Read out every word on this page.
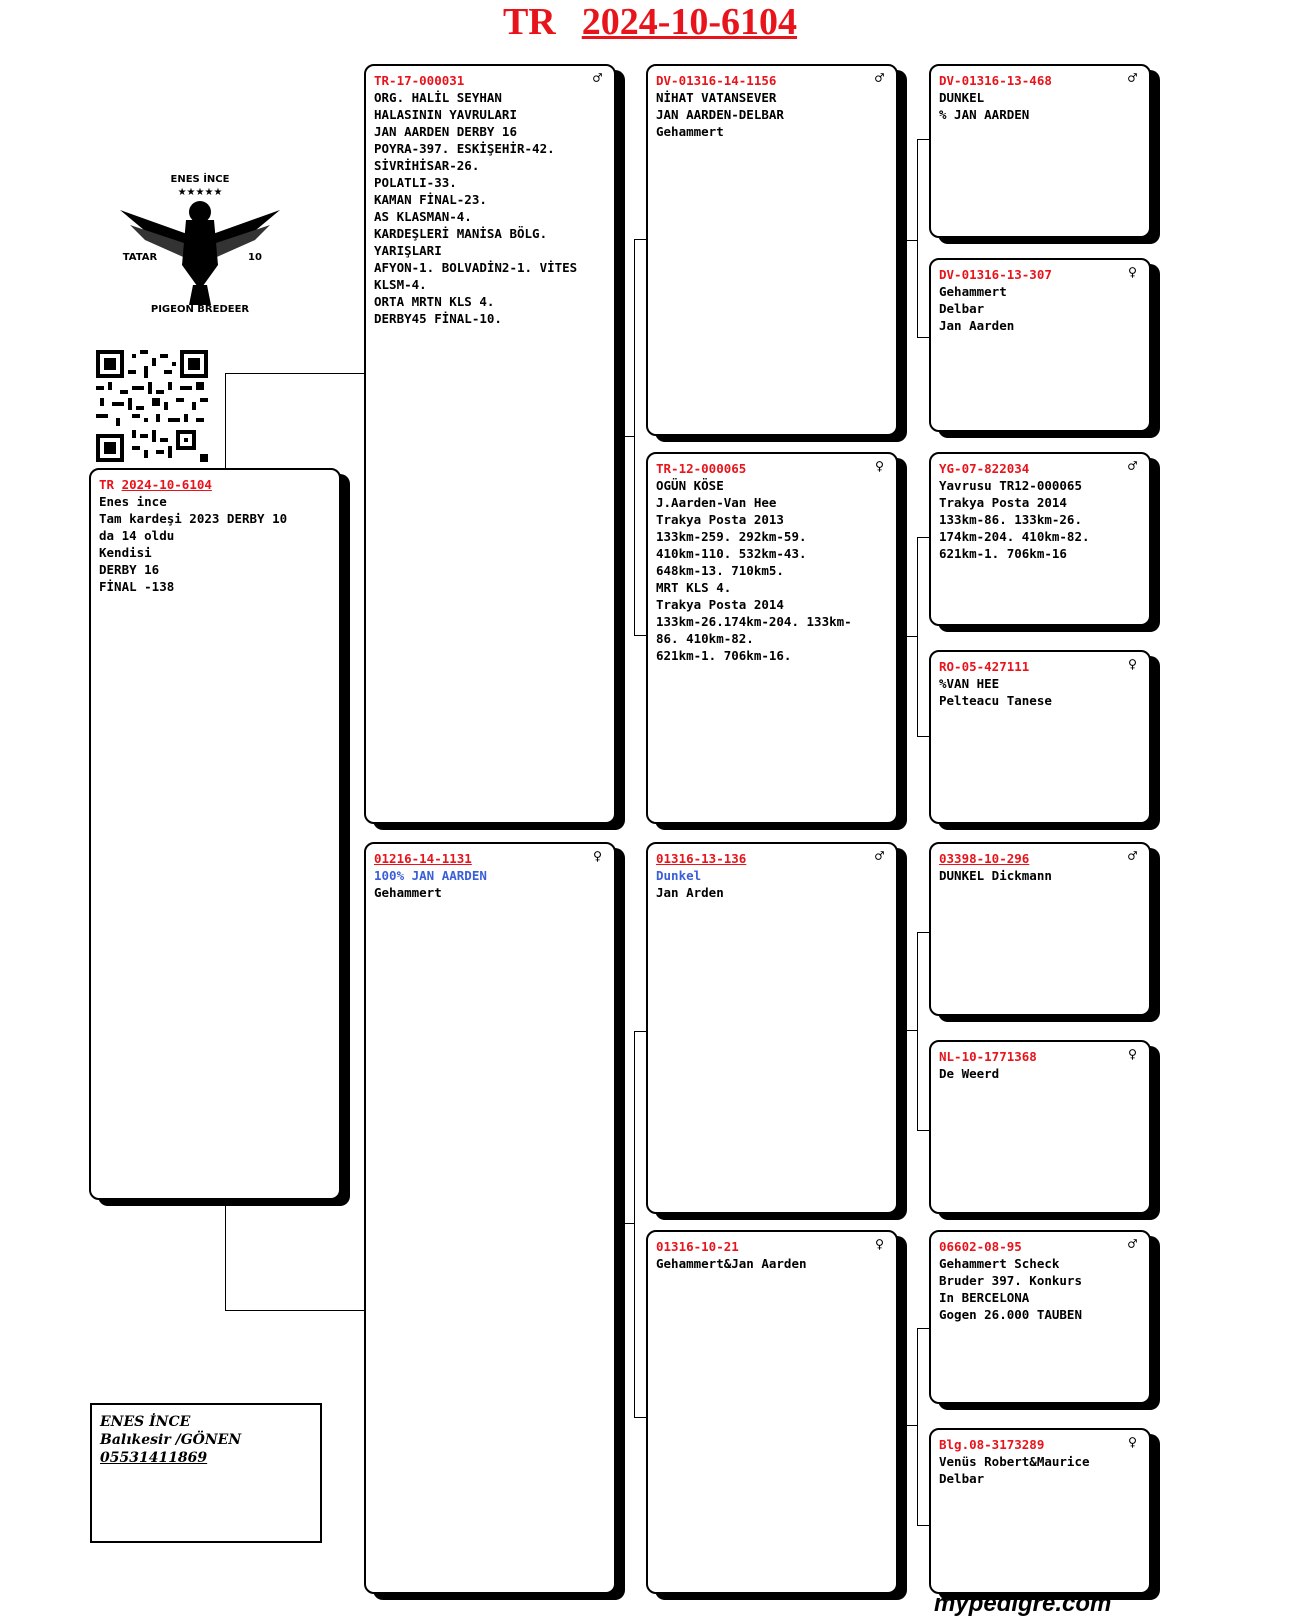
TR 2024-10-6104
ENES İNCE
★★★★★
TATAR	10
PIGEON BREDEER
TR 2024-10-6104
Enes ince
Tam kardeşi 2023 DERBY 10
da 14 oldu
Kendisi
DERBY 16
FİNAL -138
♂
TR-17-000031
ORG. HALİL SEYHAN
HALASININ YAVRULARI
JAN AARDEN DERBY 16
POYRA-397. ESKİŞEHİR-42.
SİVRİHİSAR-26.
POLATLI-33.
KAMAN FİNAL-23.
AS KLASMAN-4.
KARDEŞLERİ MANİSA BÖLG.
YARIŞLARI
AFYON-1. BOLVADİN2-1. VİTES
KLSM-4.
ORTA MRTN KLS 4.
DERBY45 FİNAL-10.
♀
01216-14-1131
100% JAN AARDEN
Gehammert
♂
DV-01316-14-1156
NİHAT VATANSEVER
JAN AARDEN-DELBAR
Gehammert
♀
TR-12-000065
OGÜN KÖSE
J.Aarden-Van Hee
Trakya Posta 2013
133km-259. 292km-59.
410km-110. 532km-43.
648km-13. 710km5.
MRT KLS 4.
Trakya Posta 2014
133km-26.174km-204. 133km-
86. 410km-82.
621km-1. 706km-16.
♂
01316-13-136
Dunkel
Jan Arden
♀
01316-10-21
Gehammert&Jan Aarden
♂
DV-01316-13-468
DUNKEL
% JAN AARDEN
♀
DV-01316-13-307
Gehammert
Delbar
Jan Aarden
♂
YG-07-822034
Yavrusu TR12-000065
Trakya Posta 2014
133km-86. 133km-26.
174km-204. 410km-82.
621km-1. 706km-16
♀
RO-05-427111
%VAN HEE
Pelteacu Tanese
♂
03398-10-296
DUNKEL Dickmann
♀
NL-10-1771368
De Weerd
♂
06602-08-95
Gehammert Scheck
Bruder 397. Konkurs
In BERCELONA
Gogen 26.000 TAUBEN
♀
Blg.08-3173289
Venüs Robert&Maurice
Delbar
ENES İNCE
Balıkesir /GÖNEN
05531411869
mypedigre.com
